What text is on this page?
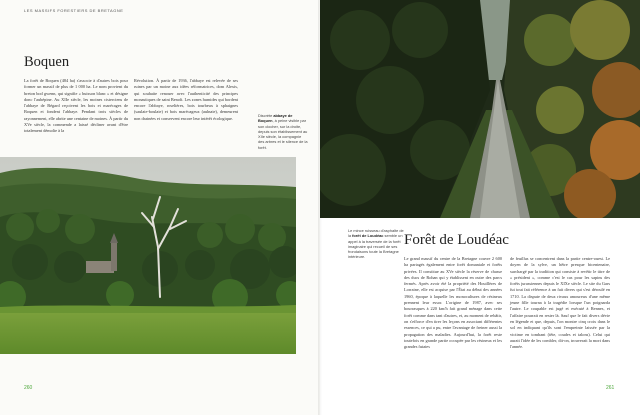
LES MASSIFS FORESTIERS DE BRETAGNE
Boquen

La forêt de Boquen (484 ha) s'associe à d'autres bois pour former un massif de plus de 1 000 ha. Le nom provient du breton bod gwenn, qui signifie « buisson blanc » et désigne donc l'aubépine. Au XIIe siècle, les moines cisterciens de l'abbaye de Bégard reçoivent les bois et marécages de Boquen et fondent l'abbaye. Pendant trois siècles de rayonnement, elle abrite une centaine de moines. À partir du XVe siècle, la commende a laissé décliner avant d'être totalement démolie à la

Révolution. À partir de 1936, l'abbaye est relevée de ses ruines par un moine aux idées réformatrices, dom Alexis, qui souhaite renouer avec l'authenticité des principes monastiques de saint Benoît. Les zones humides qui bordent encore l'abbaye, roselières, bois tourbeux à sphaignes (saulaie-boulaie) et bois marécageux (aulnaie), demeurent non drainées et conservent encore leur intérêt écologique.

Discrète abbaye de Boquen, à peine visible par son clocher, sur la droite, depuis son établissement au XIIe siècle, la compagnie des arbres et le silence de la forêt.
260
Le mince ruisseau d'asphalte de la forêt de Loudéac semble un appel à la traversée de la forêt imaginaire qui recueil de ses frondaisons toute la Bretagne intérieure.
Forêt de Loudéac

Le grand massif du centre de la Bretagne couvre 2 600 ha partagés également entre forêt domaniale et forêts privées. Il constitue au XVe siècle la réserve de chasse des ducs de Rohan qui y établissent en outre des parcs fermés. Après avoir été la propriété des Houillères de Lorraine, elle est acquise par l'État au début des années 1960, époque à laquelle les monocultures de résineux prennent leur essor. L'origine de 1987, avec ses bourrasques à 220 km/h fait grand ménage dans cette forêt comme dans tant d'autres, et, au moment de rebâtir, on s'efforce d'en tirer les leçons en associant différentes essences, ce qui a pu, entre l'avantage de freiner aussi la propagation des maladies. Aujourd'hui, la forêt reste toutefois en grande partie occupée par les résineux et les grandes futaies

de feuillus se concentrent dans la partie centre-ouest. Le doyen de la sylve, un hêtre presque bicentenaire, surchargé par la tradition qui consiste à revêtir le titre de « président », comme c'est le cas pour les sapins des forêts jurassiennes depuis le XIXe siècle. Le site du Gars fut tout fait référence à un fait divers qui s'est déroulé en 1710. La dispute de deux rivaux amoureux d'une même jeune fille tourna à la tragédie lorsque l'un poignarda l'autre. Le coupable est jugé et exécuté à Rennes, et l'affaire pourrait en rester là. Sauf que le fait divers dévie en légende et que, depuis, l'on montre cinq croix dans le sol en indiquant qu'ils sont l'empreinte laissée par la victime en tombant (tête, coudes et talons). Celui qui aurait l'idée de les combler, dit-on, trouverait la mort dans l'année.

261
